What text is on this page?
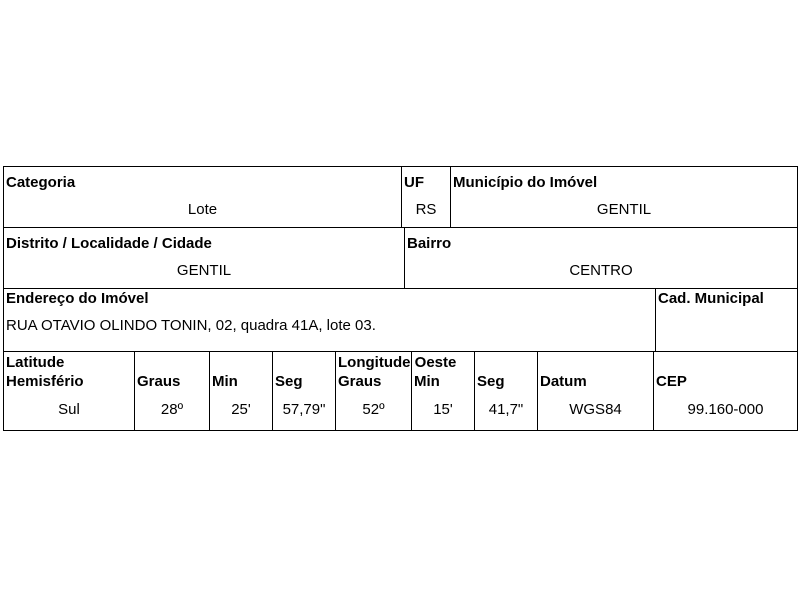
Categoria
Lote
UF
RS
Município do Imóvel
GENTIL
Distrito / Localidade / Cidade
GENTIL
Bairro
CENTRO
Endereço do Imóvel
RUA OTAVIO OLINDO TONIN, 02, quadra 41A, lote 03.
Cad. Municipal
Latitude
Hemisfério
Sul
Graus
28º
Min
25'
Seg
57,79"
Longitude Oeste
Graus
52º
Min
15'
Seg
41,7"
Datum
WGS84
CEP
99.160-000
